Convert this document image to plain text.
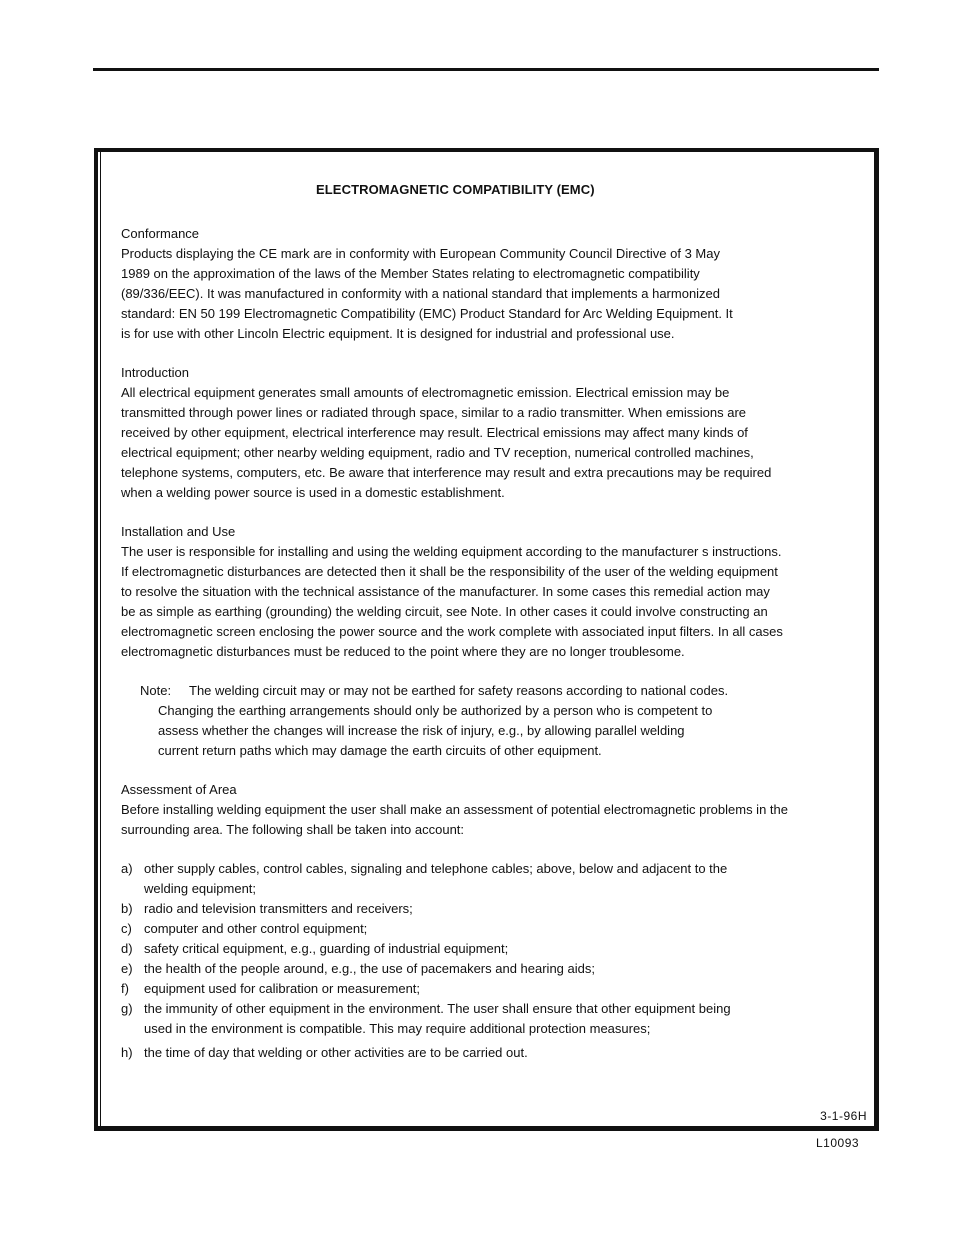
ELECTROMAGNETIC COMPATIBILITY (EMC)
Conformance
Products displaying the CE mark are in conformity with European Community Council Directive of 3 May
1989 on the approximation of the laws of the Member States relating to electromagnetic compatibility
(89/336/EEC). It was manufactured in conformity with a national standard that implements a harmonized
standard: EN 50 199 Electromagnetic Compatibility (EMC) Product Standard for Arc Welding Equipment. It
is for use with other Lincoln Electric equipment. It is designed for industrial and professional use.
Introduction
All electrical equipment generates small amounts of electromagnetic emission. Electrical emission may be
transmitted through power lines or radiated through space, similar to a radio transmitter. When emissions are
received by other equipment, electrical interference may result. Electrical emissions may affect many kinds of
electrical equipment; other nearby welding equipment, radio and TV reception, numerical controlled machines,
telephone systems, computers, etc. Be aware that interference may result and extra precautions may be required
when a welding power source is used in a domestic establishment.
Installation and Use
The user is responsible for installing and using the welding equipment according to the manufacturer s instructions.
If electromagnetic disturbances are detected then it shall be the responsibility of the user of the welding equipment
to resolve the situation with the technical assistance of the manufacturer. In some cases this remedial action may
be as simple as earthing (grounding) the welding circuit, see Note. In other cases it could involve constructing an
electromagnetic screen enclosing the power source and the work complete with associated input filters. In all cases
electromagnetic disturbances must be reduced to the point where they are no longer troublesome.
Note: The welding circuit may or may not be earthed for safety reasons according to national codes.
Changing the earthing arrangements should only be authorized by a person who is competent to
assess whether the changes will increase the risk of injury, e.g., by allowing parallel welding
current return paths which may damage the earth circuits of other equipment.
Assessment of Area
Before installing welding equipment the user shall make an assessment of potential electromagnetic problems in the
surrounding area. The following shall be taken into account:
a) other supply cables, control cables, signaling and telephone cables; above, below and adjacent to the
welding equipment;
b) radio and television transmitters and receivers;
c) computer and other control equipment;
d) safety critical equipment, e.g., guarding of industrial equipment;
e) the health of the people around, e.g., the use of pacemakers and hearing aids;
f)	equipment used for calibration or measurement;
g) the immunity of other equipment in the environment. The user shall ensure that other equipment being
used in the environment is compatible. This may require additional protection measures;
h) the time of day that welding or other activities are to be carried out.
3-1-96H
L10093
